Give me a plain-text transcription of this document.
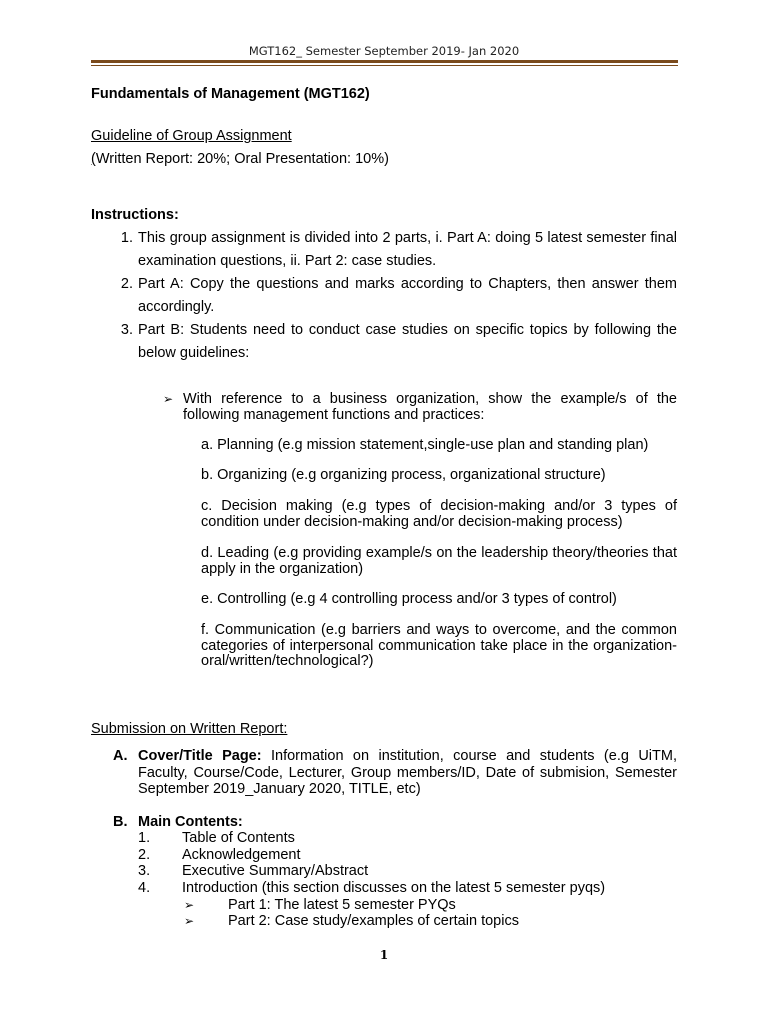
MGT162_ Semester September 2019- Jan 2020
Fundamentals of Management (MGT162)
Guideline of Group Assignment
(Written Report: 20%; Oral Presentation: 10%)
Instructions:
1. This group assignment is divided into 2 parts, i. Part A: doing 5 latest semester final examination questions, ii. Part 2: case studies.
2. Part A: Copy the questions and marks according to Chapters, then answer them accordingly.
3. Part B: Students need to conduct case studies on specific topics by following the below guidelines:
➢ With reference to a business organization, show the example/s of the following management functions and practices:
a. Planning (e.g mission statement,single-use plan and standing plan)
b. Organizing (e.g organizing process, organizational structure)
c. Decision making (e.g types of decision-making and/or 3 types of condition under decision-making and/or decision-making process)
d. Leading (e.g providing example/s on the leadership theory/theories that apply in the organization)
e. Controlling (e.g 4 controlling process and/or 3 types of control)
f. Communication (e.g barriers and ways to overcome, and the common categories of interpersonal communication take place in the organization-oral/written/technological?)
Submission on Written Report:
A. Cover/Title Page: Information on institution, course and students (e.g UiTM, Faculty, Course/Code, Lecturer, Group members/ID, Date of submision, Semester September 2019_January 2020, TITLE, etc)
B. Main Contents:
1.	Table of Contents
2.	Acknowledgement
3.	Executive Summary/Abstract
4.	Introduction (this section discusses on the latest 5 semester pyqs)
➢ Part 1: The latest 5 semester PYQs
➢ Part 2: Case study/examples of certain topics
1
